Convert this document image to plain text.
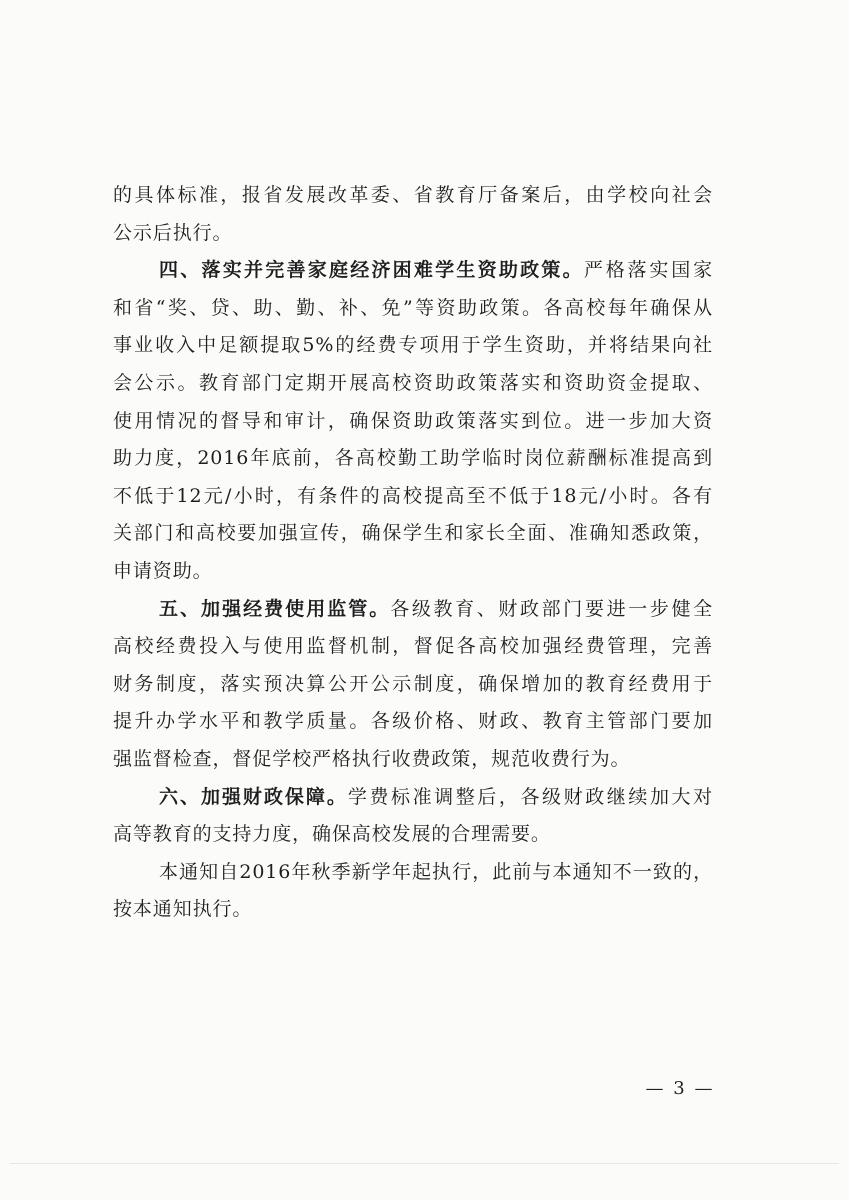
的具体标准，报省发展改革委、省教育厅备案后，由学校向社会
公示后执行。
四、落实并完善家庭经济困难学生资助政策。严格落实国家
和省“奖、贷、助、勤、补、免”等资助政策。各高校每年确保从
事业收入中足额提取5%的经费专项用于学生资助，并将结果向社
会公示。教育部门定期开展高校资助政策落实和资助资金提取、
使用情况的督导和审计，确保资助政策落实到位。进一步加大资
助力度，2016年底前，各高校勤工助学临时岗位薪酬标准提高到
不低于12元/小时，有条件的高校提高至不低于18元/小时。各有
关部门和高校要加强宣传，确保学生和家长全面、准确知悉政策，
申请资助。
五、加强经费使用监管。各级教育、财政部门要进一步健全
高校经费投入与使用监督机制，督促各高校加强经费管理，完善
财务制度，落实预决算公开公示制度，确保增加的教育经费用于
提升办学水平和教学质量。各级价格、财政、教育主管部门要加
强监督检查，督促学校严格执行收费政策，规范收费行为。
六、加强财政保障。学费标准调整后，各级财政继续加大对
高等教育的支持力度，确保高校发展的合理需要。
本通知自2016年秋季新学年起执行，此前与本通知不一致的，
按本通知执行。
— 3 —
